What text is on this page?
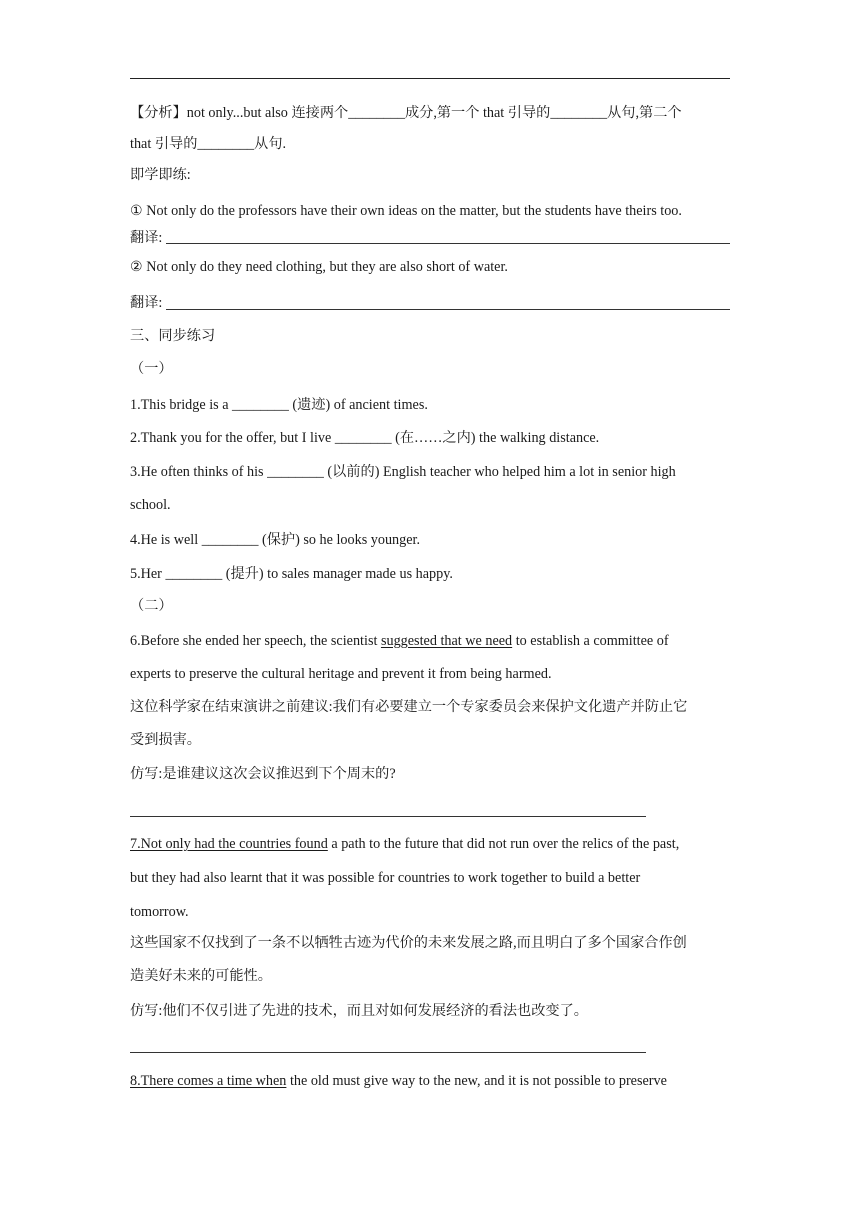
【分析】not only...but also 连接两个________成分,第一个 that 引导的________从句,第二个
that 引导的________从句.
即学即练:
① Not only do the professors have their own ideas on the matter, but the students have theirs too.
翻译:
② Not only do they need clothing, but they are also short of water.
翻译:
三、同步练习
（一）
1.This bridge is a ________ (遗迹) of ancient times.
2.Thank you for the offer, but I live ________ (在……之内) the walking distance.
3.He often thinks of his ________ (以前的) English teacher who helped him a lot in senior high
school.
4.He is well ________ (保护) so he looks younger.
5.Her ________ (提升) to sales manager made us happy.
（二）
6.Before she ended her speech, the scientist suggested that we need to establish a committee of
experts to preserve the cultural heritage and prevent it from being harmed.
这位科学家在结束演讲之前建议:我们有必要建立一个专家委员会来保护文化遗产并防止它
受到损害。
仿写:是谁建议这次会议推迟到下个周末的?
7.Not only had the countries found a path to the future that did not run over the relics of the past,
but they had also learnt that it was possible for countries to work together to build a better
tomorrow.
这些国家不仅找到了一条不以牺牲古迹为代价的未来发展之路,而且明白了多个国家合作创
造美好未来的可能性。
仿写:他们不仅引进了先进的技术，而且对如何发展经济的看法也改变了。
8.There comes a time when the old must give way to the new, and it is not possible to preserve
